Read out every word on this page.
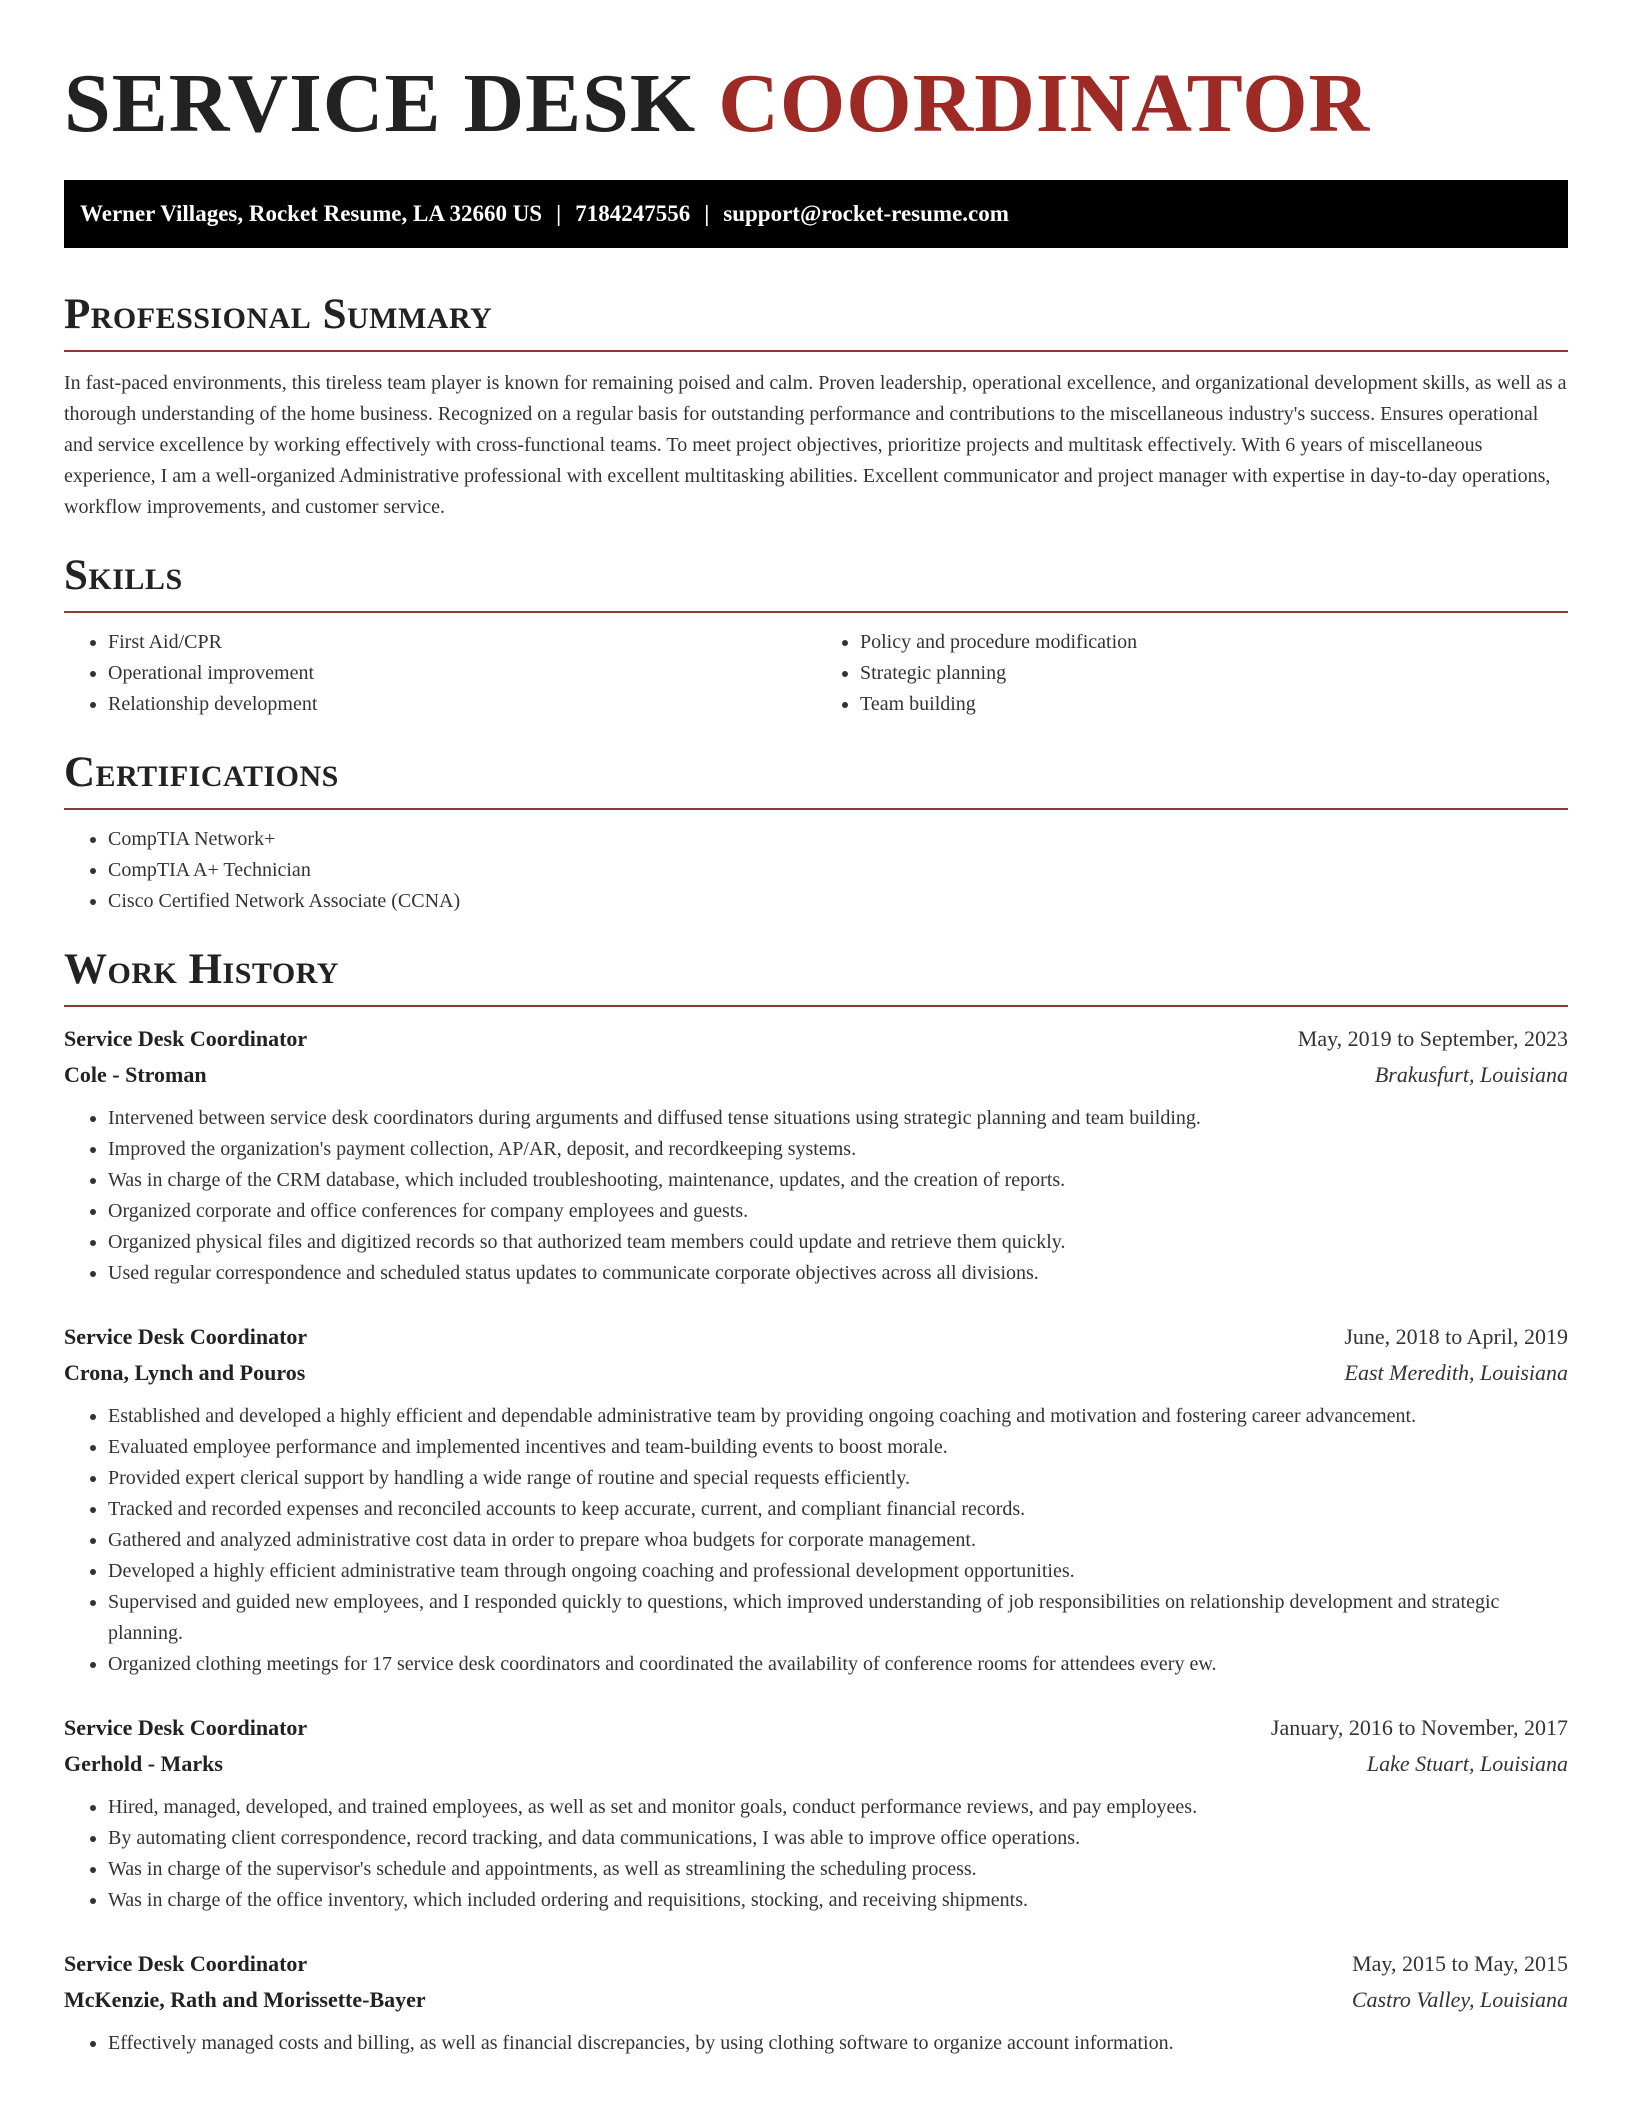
SERVICE DESK COORDINATOR
Werner Villages, Rocket Resume, LA 32660 US | 7184247556 | support@rocket-resume.com
Professional Summary

In fast-paced environments, this tireless team player is known for remaining poised and calm. Proven leadership, operational excellence, and organizational development skills, as well as a thorough understanding of the home business. Recognized on a regular basis for outstanding performance and contributions to the miscellaneous industry's success. Ensures operational and service excellence by working effectively with cross-functional teams. To meet project objectives, prioritize projects and multitask effectively. With 6 years of miscellaneous experience, I am a well-organized Administrative professional with excellent multitasking abilities. Excellent communicator and project manager with expertise in day-to-day operations, workflow improvements, and customer service.

Skills
• First Aid/CPR
• Operational improvement
• Relationship development
• Policy and procedure modification
• Strategic planning
• Team building
Certifications
• CompTIA Network+
• CompTIA A+ Technician
• Cisco Certified Network Associate (CCNA)
Work History
Service Desk Coordinator	May, 2019 to September, 2023
Cole - Stroman	Brakusfurt, Louisiana
• Intervened between service desk coordinators during arguments and diffused tense situations using strategic planning and team building.
• Improved the organization's payment collection, AP/AR, deposit, and recordkeeping systems.
• Was in charge of the CRM database, which included troubleshooting, maintenance, updates, and the creation of reports.
• Organized corporate and office conferences for company employees and guests.
• Organized physical files and digitized records so that authorized team members could update and retrieve them quickly.
• Used regular correspondence and scheduled status updates to communicate corporate objectives across all divisions.
Service Desk Coordinator	June, 2018 to April, 2019
Crona, Lynch and Pouros	East Meredith, Louisiana
• Established and developed a highly efficient and dependable administrative team by providing ongoing coaching and motivation and fostering career advancement.
• Evaluated employee performance and implemented incentives and team-building events to boost morale.
• Provided expert clerical support by handling a wide range of routine and special requests efficiently.
• Tracked and recorded expenses and reconciled accounts to keep accurate, current, and compliant financial records.
• Gathered and analyzed administrative cost data in order to prepare whoa budgets for corporate management.
• Developed a highly efficient administrative team through ongoing coaching and professional development opportunities.
• Supervised and guided new employees, and I responded quickly to questions, which improved understanding of job responsibilities on relationship development and strategic planning.
• Organized clothing meetings for 17 service desk coordinators and coordinated the availability of conference rooms for attendees every ew.
Service Desk Coordinator	January, 2016 to November, 2017
Gerhold - Marks	Lake Stuart, Louisiana
• Hired, managed, developed, and trained employees, as well as set and monitor goals, conduct performance reviews, and pay employees.
• By automating client correspondence, record tracking, and data communications, I was able to improve office operations.
• Was in charge of the supervisor's schedule and appointments, as well as streamlining the scheduling process.
• Was in charge of the office inventory, which included ordering and requisitions, stocking, and receiving shipments.
Service Desk Coordinator	May, 2015 to May, 2015
McKenzie, Rath and Morissette-Bayer	Castro Valley, Louisiana
• Effectively managed costs and billing, as well as financial discrepancies, by using clothing software to organize account information.
